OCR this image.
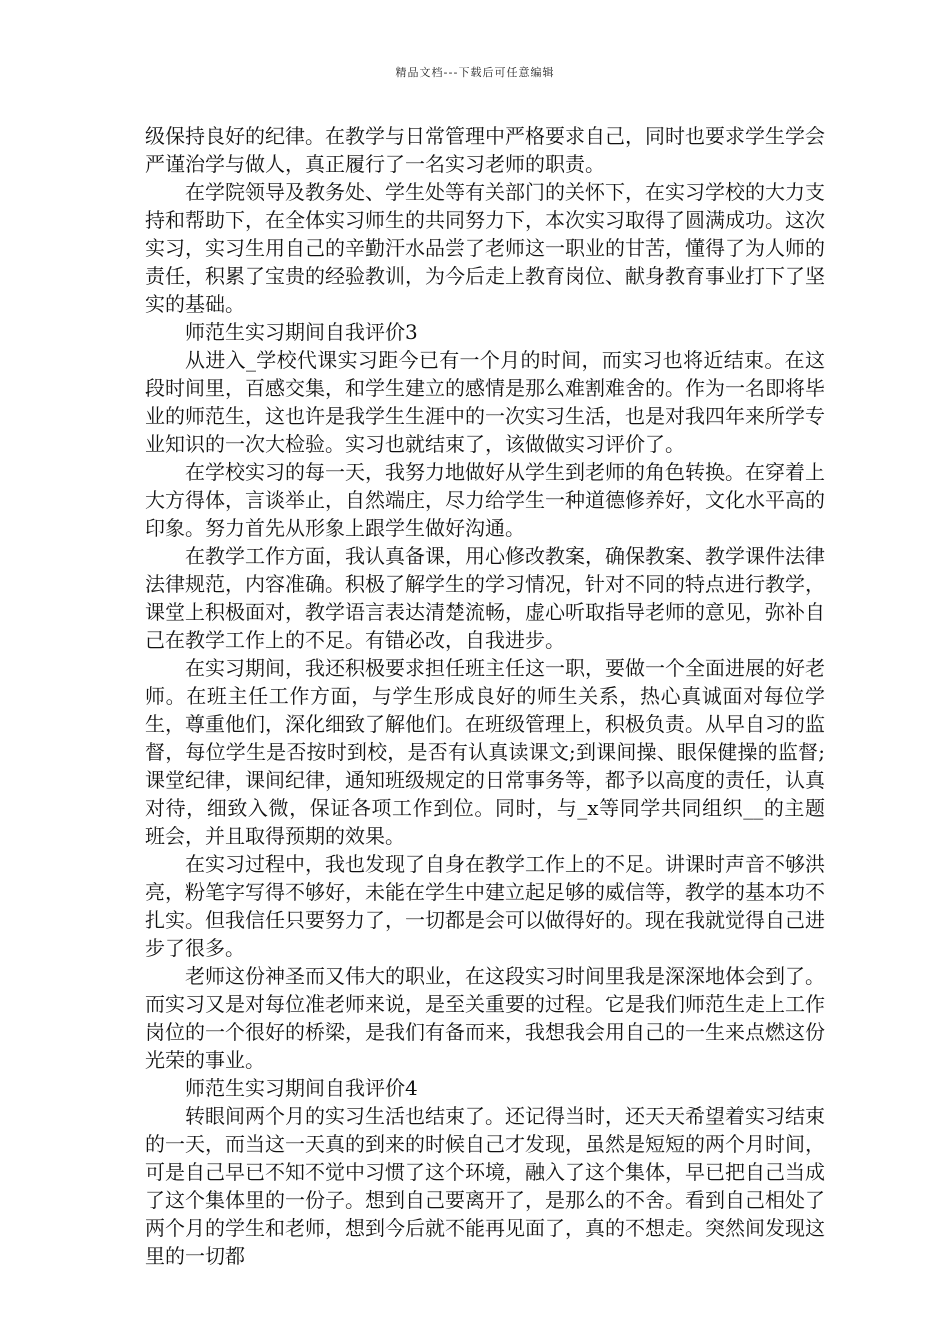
精品文档---下载后可任意编辑

级保持良好的纪律。在教学与日常管理中严格要求自己，同时也要求学生学会严谨治学与做人，真正履行了一名实习老师的职责。

在学院领导及教务处、学生处等有关部门的关怀下，在实习学校的大力支持和帮助下，在全体实习师生的共同努力下，本次实习取得了圆满成功。这次实习，实习生用自己的辛勤汗水品尝了老师这一职业的甘苦，懂得了为人师的责任，积累了宝贵的经验教训，为今后走上教育岗位、献身教育事业打下了坚实的基础。

师范生实习期间自我评价3

从进入_学校代课实习距今已有一个月的时间，而实习也将近结束。在这段时间里，百感交集，和学生建立的感情是那么难割难舍的。作为一名即将毕业的师范生，这也许是我学生生涯中的一次实习生活，也是对我四年来所学专业知识的一次大检验。实习也就结束了，该做做实习评价了。

在学校实习的每一天，我努力地做好从学生到老师的角色转换。在穿着上大方得体，言谈举止，自然端庄，尽力给学生一种道德修养好，文化水平高的印象。努力首先从形象上跟学生做好沟通。

在教学工作方面，我认真备课，用心修改教案，确保教案、教学课件法律法律规范，内容准确。积极了解学生的学习情况，针对不同的特点进行教学，课堂上积极面对，教学语言表达清楚流畅，虚心听取指导老师的意见，弥补自己在教学工作上的不足。有错必改，自我进步。

在实习期间，我还积极要求担任班主任这一职，要做一个全面进展的好老师。在班主任工作方面，与学生形成良好的师生关系，热心真诚面对每位学生，尊重他们，深化细致了解他们。在班级管理上，积极负责。从早自习的监督，每位学生是否按时到校，是否有认真读课文;到课间操、眼保健操的监督;课堂纪律，课间纪律，通知班级规定的日常事务等，都予以高度的责任，认真对待，细致入微，保证各项工作到位。同时，与_x等同学共同组织__的主题班会，并且取得预期的效果。

在实习过程中，我也发现了自身在教学工作上的不足。讲课时声音不够洪亮，粉笔字写得不够好，未能在学生中建立起足够的威信等，教学的基本功不扎实。但我信任只要努力了，一切都是会可以做得好的。现在我就觉得自己进步了很多。

老师这份神圣而又伟大的职业，在这段实习时间里我是深深地体会到了。而实习又是对每位准老师来说，是至关重要的过程。它是我们师范生走上工作岗位的一个很好的桥梁，是我们有备而来，我想我会用自己的一生来点燃这份光荣的事业。

师范生实习期间自我评价4

转眼间两个月的实习生活也结束了。还记得当时，还天天希望着实习结束的一天，而当这一天真的到来的时候自己才发现，虽然是短短的两个月时间，可是自己早已不知不觉中习惯了这个环境，融入了这个集体，早已把自己当成了这个集体里的一份子。想到自己要离开了，是那么的不舍。看到自己相处了两个月的学生和老师，想到今后就不能再见面了，真的不想走。突然间发现这里的一切都
